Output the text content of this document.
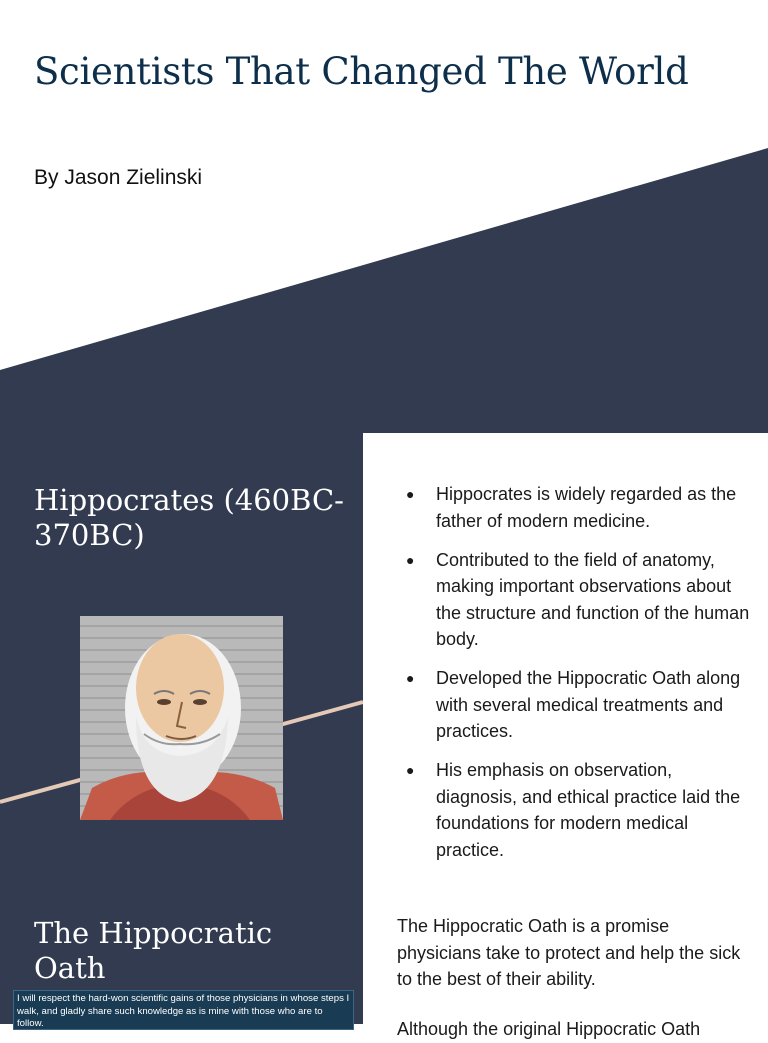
Scientists That Changed The World

By Jason Zielinski

Hippocrates (460BC-370BC)
● Hippocrates is widely regarded as the father of modern medicine.
● Contributed to the field of anatomy, making important observations about the structure and function of the human body.
● Developed the Hippocratic Oath along with several medical treatments and practices.
● His emphasis on observation, diagnosis, and ethical practice laid the foundations for modern medical practice.
The Hippocratic Oath

The Hippocratic Oath is a promise physicians take to protect and help the sick to the best of their ability.

Although the original Hippocratic Oath

I will respect the hard-won scientific gains of those physicians in whose steps I walk, and gladly share such knowledge as is mine with those who are to follow.
